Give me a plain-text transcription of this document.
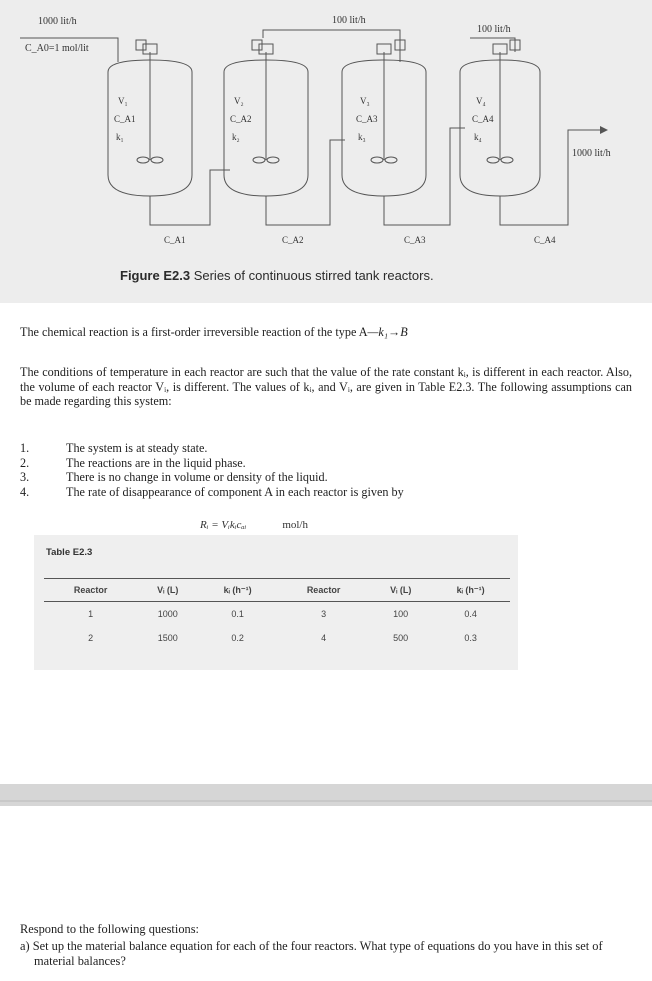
1000 lit/h
C_A0=1 mol/lit
100 lit/h
100 lit/h
1000 lit/h
V₁
C_A1
k₁
V₂
C_A2
k₂
V₃
C_A3
k₃
V₄
C_A4
k₄
C_A1	C_A2	C_A3	C_A4
Figure E2.3 Series of continuous stirred tank reactors.
The chemical reaction is a first-order irreversible reaction of the type A—k₁→B
The conditions of temperature in each reactor are such that the value of the rate constant kᵢ, is different in each reactor. Also, the volume of each reactor Vᵢ, is different. The values of kᵢ, and Vᵢ, are given in Table E2.3. The following assumptions can be made regarding this system:
1.	The system is at steady state.
2.	The reactions are in the liquid phase.
3.	There is no change in volume or density of the liquid.
4.	The rate of disappearance of component A in each reactor is given by
Rᵢ = Vᵢkᵢcₐᵢ	mol/h
Table E2.3
Reactor	Vᵢ (L)	kᵢ (h⁻¹)	Reactor	Vᵢ (L)	kᵢ (h⁻¹)
1	1000	0.1	3	100	0.4
2	1500	0.2	4	500	0.3
Respond to the following questions:
a) Set up the material balance equation for each of the four reactors. What type of equations do you have in this set of material balances?
